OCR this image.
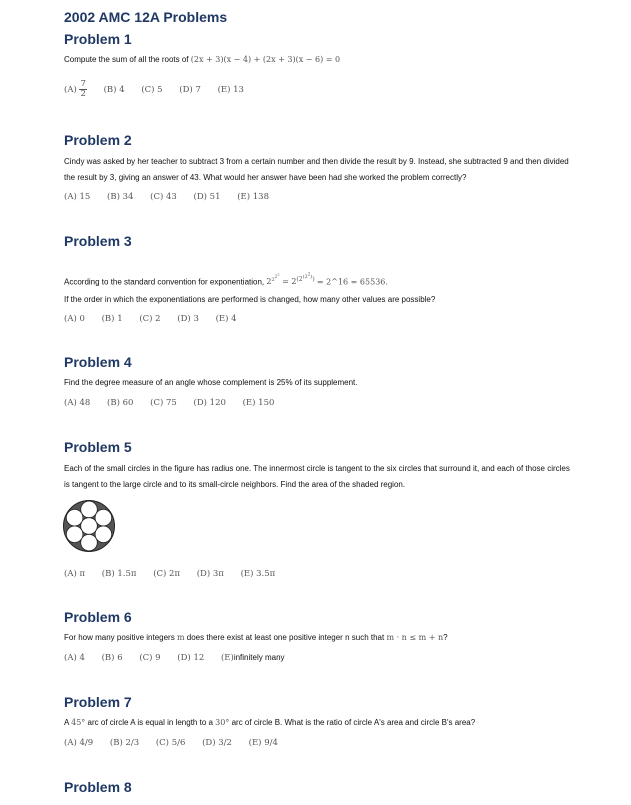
2002 AMC 12A Problems
Problem 1
Compute the sum of all the roots of (2x + 3)(x − 4) + (2x + 3)(x − 6) = 0
$(A) \frac{7}{2} (B)$ 4 (C) 5 (D) 7 (E) 13
Problem 2
Cindy was asked by her teacher to subtract 3 from a certain number and then divide the result by 9. Instead, she subtracted 9 and then divided the result by 3, giving an answer of 43. What would her answer have been had she worked the problem correctly?
(A) 15 (B) 34 (C) 43 (D) 51 (E) 138
Problem 3
According to the standard convention for exponentiation, $2^{2^{2^2}} = 2^{(2^{(2^2)})}$ = 2^16 = 65536.
If the order in which the exponentiations are performed is changed, how many other values are possible?
(A) 0 (B) 1 (C) 2 (D) 3 (E) 4
Problem 4
Find the degree measure of an angle whose complement is 25% of its supplement.
(A) 48 (B) 60 (C) 75 (D) 120 (E) 150
Problem 5
Each of the small circles in the figure has radius one. The innermost circle is tangent to the six circles that surround it, and each of those circles is tangent to the large circle and to its small-circle neighbors. Find the area of the shaded region.
(A) π (B) 1.5π (C) 2π (D) 3π (E) 3.5π
Problem 6
For how many positive integers m does there exist at least one positive integer n such that m · n ≤ m + n?
(A) 4 (B) 6 (C) 9 (D) 12 (E)infinitely many
Problem 7
A 45° arc of circle A is equal in length to a 30° arc of circle B. What is the ratio of circle A's area and circle B's area?
(A) 4/9 (B) 2/3 (C) 5/6 (D) 3/2 (E) 9/4
Problem 8
